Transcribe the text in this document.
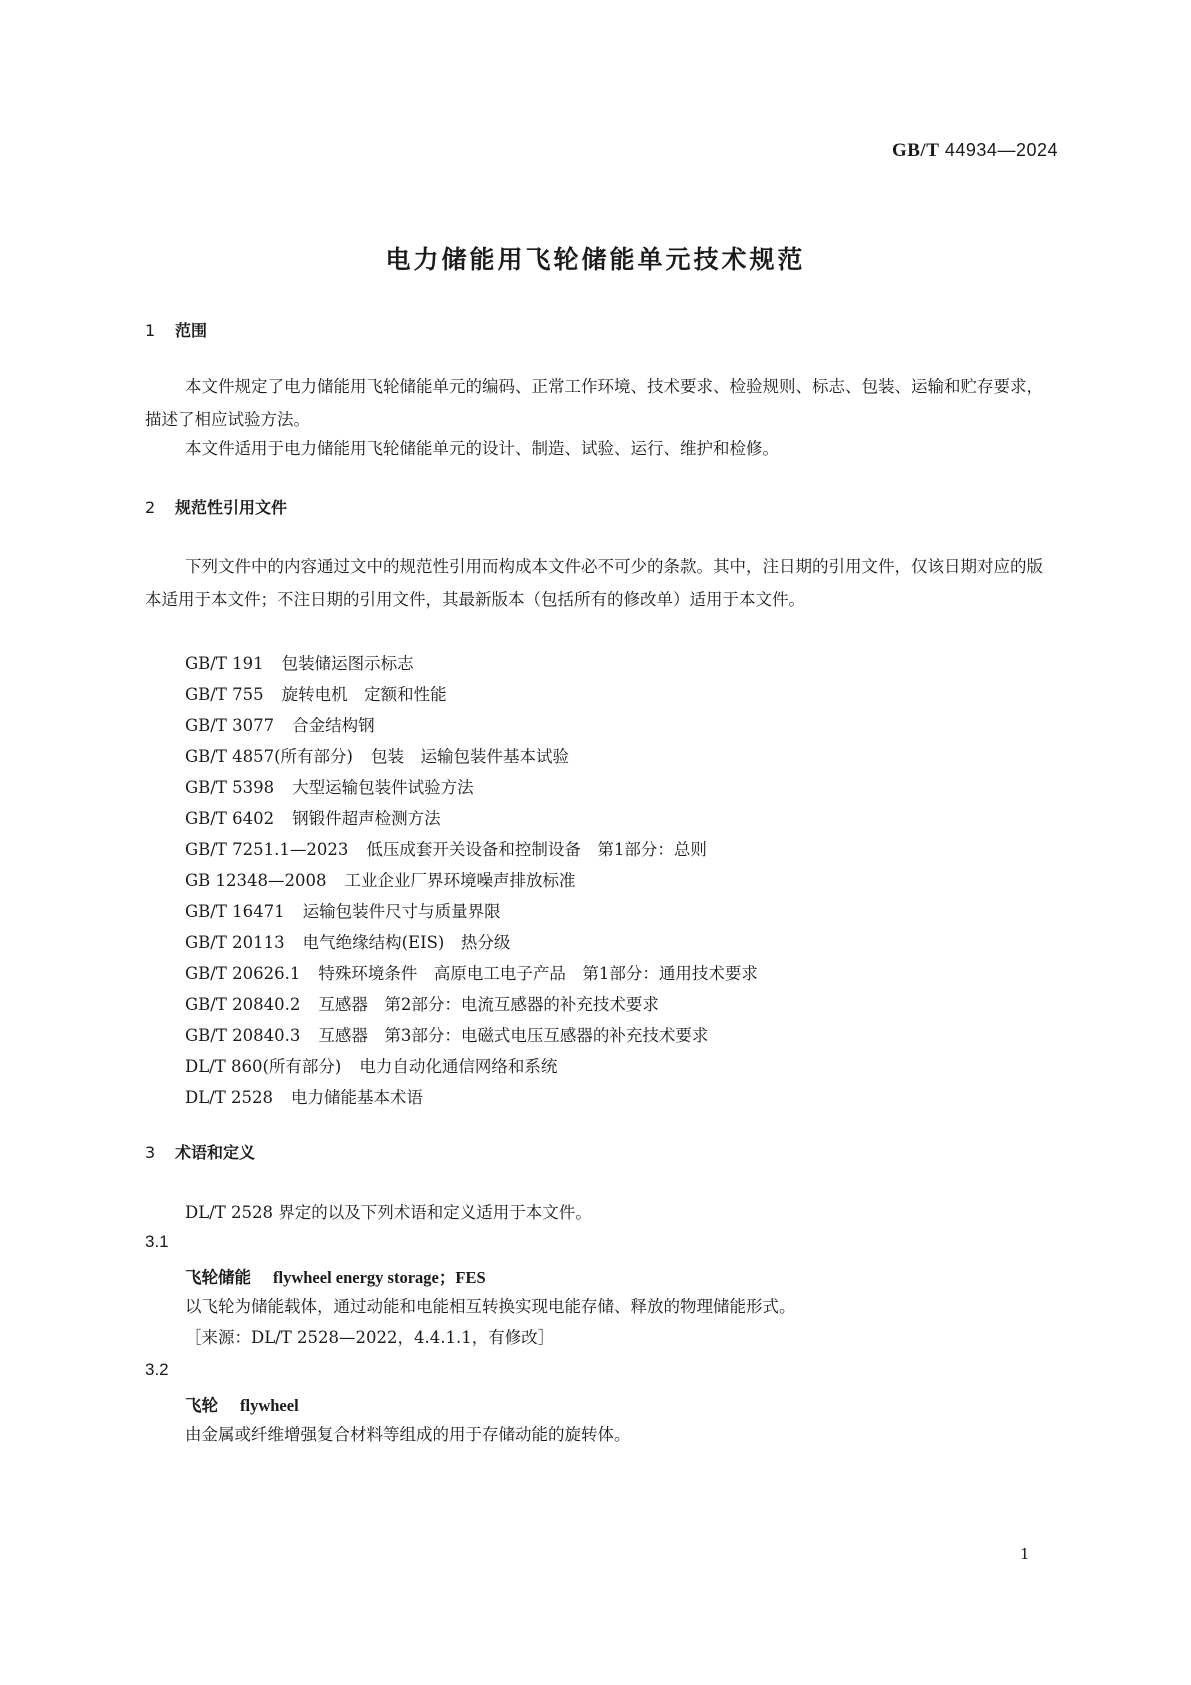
GB/T 44934—2024
电力储能用飞轮储能单元技术规范
1 范围
本文件规定了电力储能用飞轮储能单元的编码、正常工作环境、技术要求、检验规则、标志、包装、运输和贮存要求，描述了相应试验方法。
本文件适用于电力储能用飞轮储能单元的设计、制造、试验、运行、维护和检修。
2 规范性引用文件
下列文件中的内容通过文中的规范性引用而构成本文件必不可少的条款。其中，注日期的引用文件，仅该日期对应的版本适用于本文件；不注日期的引用文件，其最新版本（包括所有的修改单）适用于本文件。
GB/T 191 包装储运图示标志
GB/T 755 旋转电机　定额和性能
GB/T 3077 合金结构钢
GB/T 4857(所有部分) 包装　运输包装件基本试验
GB/T 5398 大型运输包装件试验方法
GB/T 6402 钢锻件超声检测方法
GB/T 7251.1—2023 低压成套开关设备和控制设备　第1部分：总则
GB 12348—2008 工业企业厂界环境噪声排放标准
GB/T 16471 运输包装件尺寸与质量界限
GB/T 20113 电气绝缘结构(EIS)　热分级
GB/T 20626.1 特殊环境条件　高原电工电子产品　第1部分：通用技术要求
GB/T 20840.2 互感器　第2部分：电流互感器的补充技术要求
GB/T 20840.3 互感器　第3部分：电磁式电压互感器的补充技术要求
DL/T 860(所有部分) 电力自动化通信网络和系统
DL/T 2528 电力储能基本术语
3 术语和定义
DL/T 2528 界定的以及下列术语和定义适用于本文件。
3.1
飞轮储能 flywheel energy storage；FES
以飞轮为储能载体，通过动能和电能相互转换实现电能存储、释放的物理储能形式。
［来源：DL/T 2528—2022，4.4.1.1，有修改］
3.2
飞轮 flywheel
由金属或纤维增强复合材料等组成的用于存储动能的旋转体。
1
